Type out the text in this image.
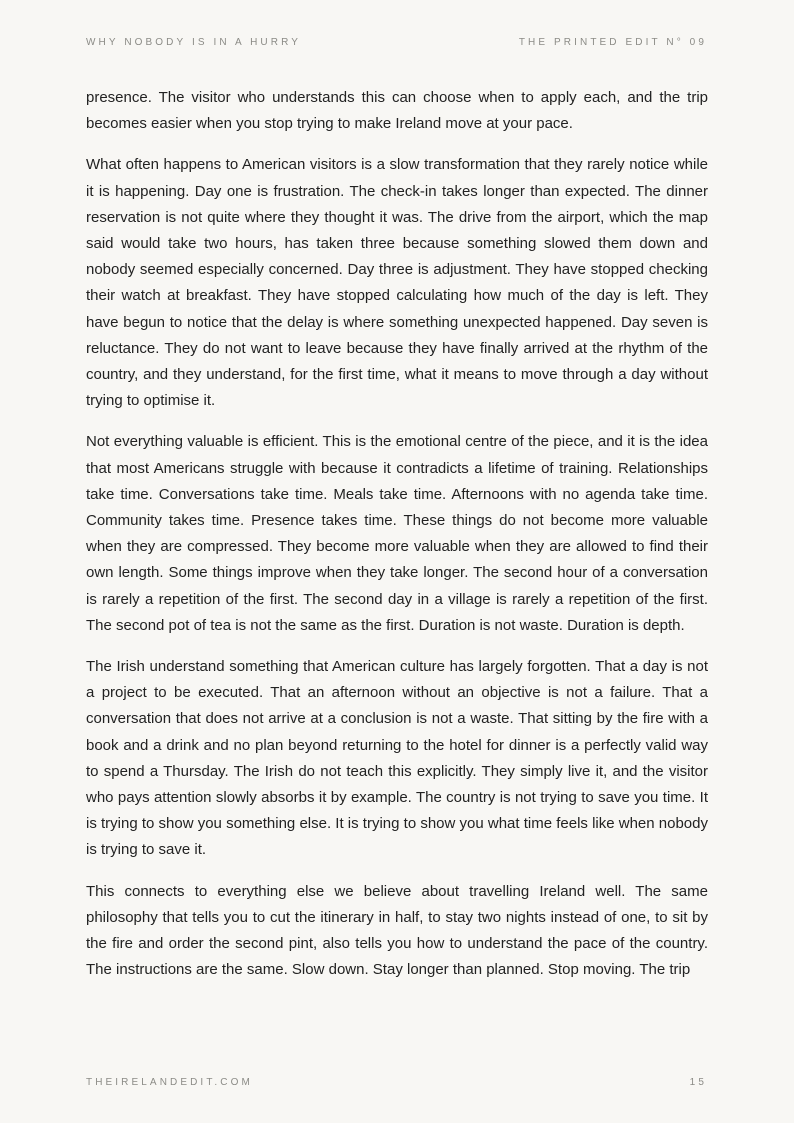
WHY NOBODY IS IN A HURRY	THE PRINTED EDIT N° 09

presence. The visitor who understands this can choose when to apply each, and the trip becomes easier when you stop trying to make Ireland move at your pace.

What often happens to American visitors is a slow transformation that they rarely notice while it is happening. Day one is frustration. The check-in takes longer than expected. The dinner reservation is not quite where they thought it was. The drive from the airport, which the map said would take two hours, has taken three because something slowed them down and nobody seemed especially concerned. Day three is adjustment. They have stopped checking their watch at breakfast. They have stopped calculating how much of the day is left. They have begun to notice that the delay is where something unexpected happened. Day seven is reluctance. They do not want to leave because they have finally arrived at the rhythm of the country, and they understand, for the first time, what it means to move through a day without trying to optimise it.

Not everything valuable is efficient. This is the emotional centre of the piece, and it is the idea that most Americans struggle with because it contradicts a lifetime of training. Relationships take time. Conversations take time. Meals take time. Afternoons with no agenda take time. Community takes time. Presence takes time. These things do not become more valuable when they are compressed. They become more valuable when they are allowed to find their own length. Some things improve when they take longer. The second hour of a conversation is rarely a repetition of the first. The second day in a village is rarely a repetition of the first. The second pot of tea is not the same as the first. Duration is not waste. Duration is depth.

The Irish understand something that American culture has largely forgotten. That a day is not a project to be executed. That an afternoon without an objective is not a failure. That a conversation that does not arrive at a conclusion is not a waste. That sitting by the fire with a book and a drink and no plan beyond returning to the hotel for dinner is a perfectly valid way to spend a Thursday. The Irish do not teach this explicitly. They simply live it, and the visitor who pays attention slowly absorbs it by example. The country is not trying to save you time. It is trying to show you something else. It is trying to show you what time feels like when nobody is trying to save it.

This connects to everything else we believe about travelling Ireland well. The same philosophy that tells you to cut the itinerary in half, to stay two nights instead of one, to sit by the fire and order the second pint, also tells you how to understand the pace of the country. The instructions are the same. Slow down. Stay longer than planned. Stop moving. The trip

THEIRELANDEDIT.COM	15
